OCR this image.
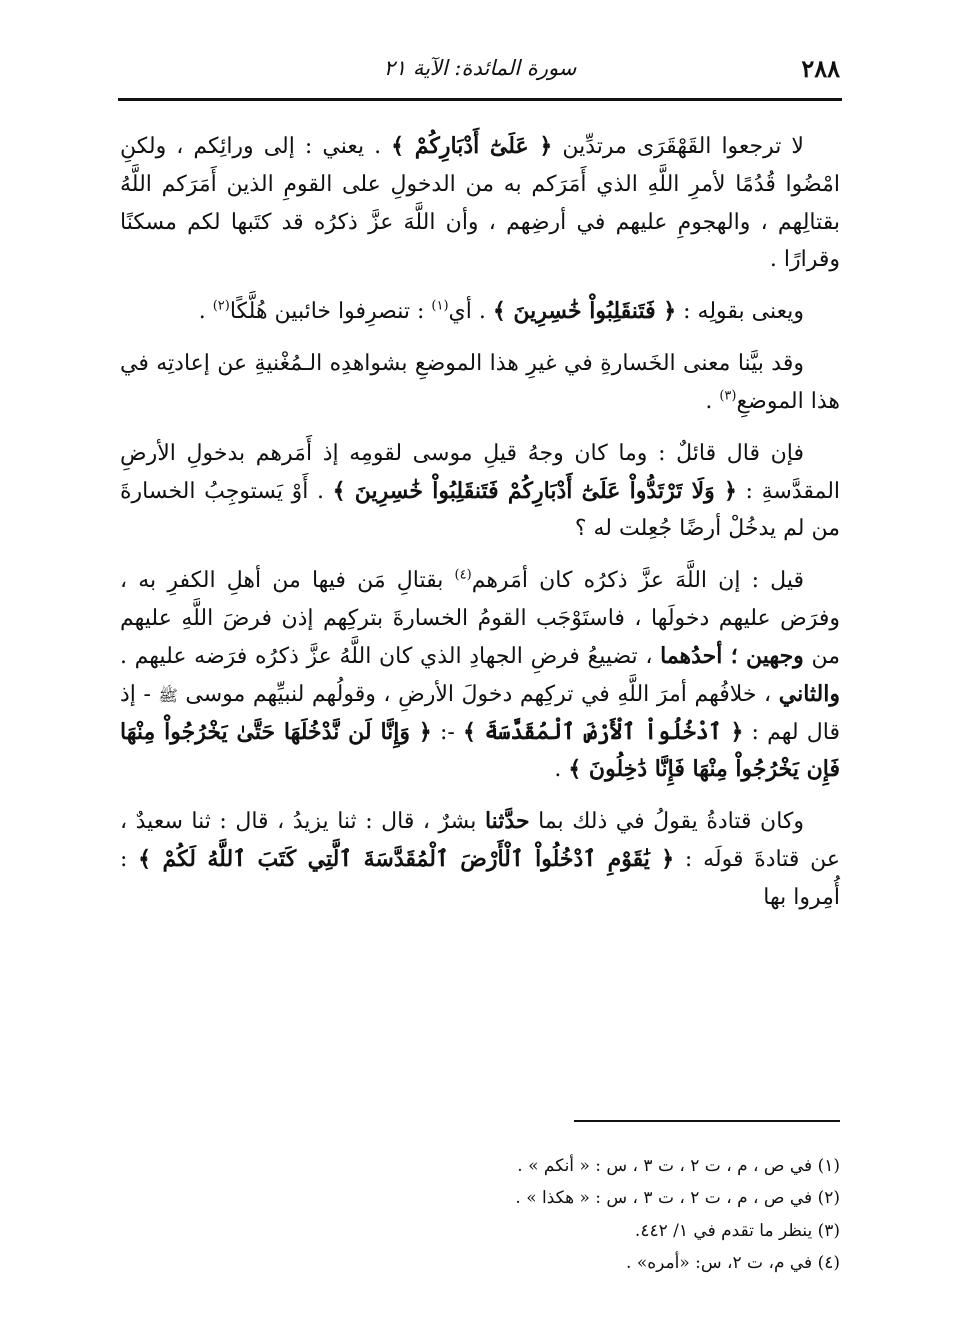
٢٨٨
سورة المائدة: الآية ٢١

لا ترجعوا القَهْقَرَى مرتدِّين ﴿ عَلَىٰٓ أَدْبَارِكُمْ ﴾ . يعني : إلى ورائِكم ، ولكنِ امْضُوا قُدُمًا لأمرِ اللَّهِ الذي أَمَرَكم به من الدخولِ على القومِ الذين أَمَرَكم اللَّهُ بقتالِهم ، والهجومِ عليهم في أرضِهم ، وأن اللَّهَ عزَّ ذكرُه قد كتَبها لكم مسكنًا وقرارًا .

ويعنى بقولِه : ﴿ فَتَنقَلِبُواْ خَٰسِرِينَ ﴾ . أي$^{(١)}$ : تنصرِفوا خائبين هُلَّكًا$^{(٢)}$ .

وقد بيَّنا معنى الخَسارةِ في غيرِ هذا الموضعِ بشواهدِه الـمُغْنيةِ عن إعادتِه في هذا الموضعِ$^{(٣)}$ .

فإن قال قائلٌ : وما كان وجهُ قيلِ موسى لقومِه إذ أَمَرهم بدخولِ الأرضِ المقدَّسةِ : ﴿ وَلَا تَرْتَدُّواْ عَلَىٰٓ أَدْبَارِكُمْ فَتَنقَلِبُواْ خَٰسِرِينَ ﴾ . أَوْ يَستوجِبُ الخسارةَ من لم يدخُلْ أرضًا جُعِلت له ؟

قيل : إن اللَّهَ عزَّ ذكرُه كان أمَرهم$^{(٤)}$ بقتالِ مَن فيها من أهلِ الكفرِ به ، وفرَض عليهم دخولَها ، فاستَوْجَب القومُ الخسارةَ بتركِهم إذن فرضَ اللَّهِ عليهم من وجهين ؛ أحدُهما ، تضييعُ فرضِ الجهادِ الذي كان اللَّهُ عزَّ ذكرُه فرَضه عليهم . والثاني ، خلافُهم أمرَ اللَّهِ في تركِهم دخولَ الأرضِ ، وقولُهم لنبيِّهم موسى ﷺ - إذ قال لهم : ﴿ ٱدْخُلُواْ ٱلْأَرْضَ ٱلْمُقَدَّسَةَ ﴾ -: ﴿ وَإِنَّا لَن نَّدْخُلَهَا حَتَّىٰ يَخْرُجُواْ مِنْهَا فَإِن يَخْرُجُواْ مِنْهَا فَإِنَّا دَٰخِلُونَ ﴾ .

وكان قتادةُ يقولُ في ذلك بما حدَّثنا بشرٌ ، قال : ثنا يزيدُ ، قال : ثنا سعيدٌ ، عن قتادةَ قولَه : ﴿ يَٰقَوْمِ ٱدْخُلُواْ ٱلْأَرْضَ ٱلْمُقَدَّسَةَ ٱلَّتِي كَتَبَ ٱللَّهُ لَكُمْ ﴾ : أُمِروا بها

(١) في ص ، م ، ت ٢ ، ت ٣ ، س : « أنكم » .

(٢) في ص ، م ، ت ٢ ، ت ٣ ، س : « هكذا » .

(٣) ينظر ما تقدم في ١/ ٤٤٢.

(٤) في م، ت ٢، س: «أمره» .
